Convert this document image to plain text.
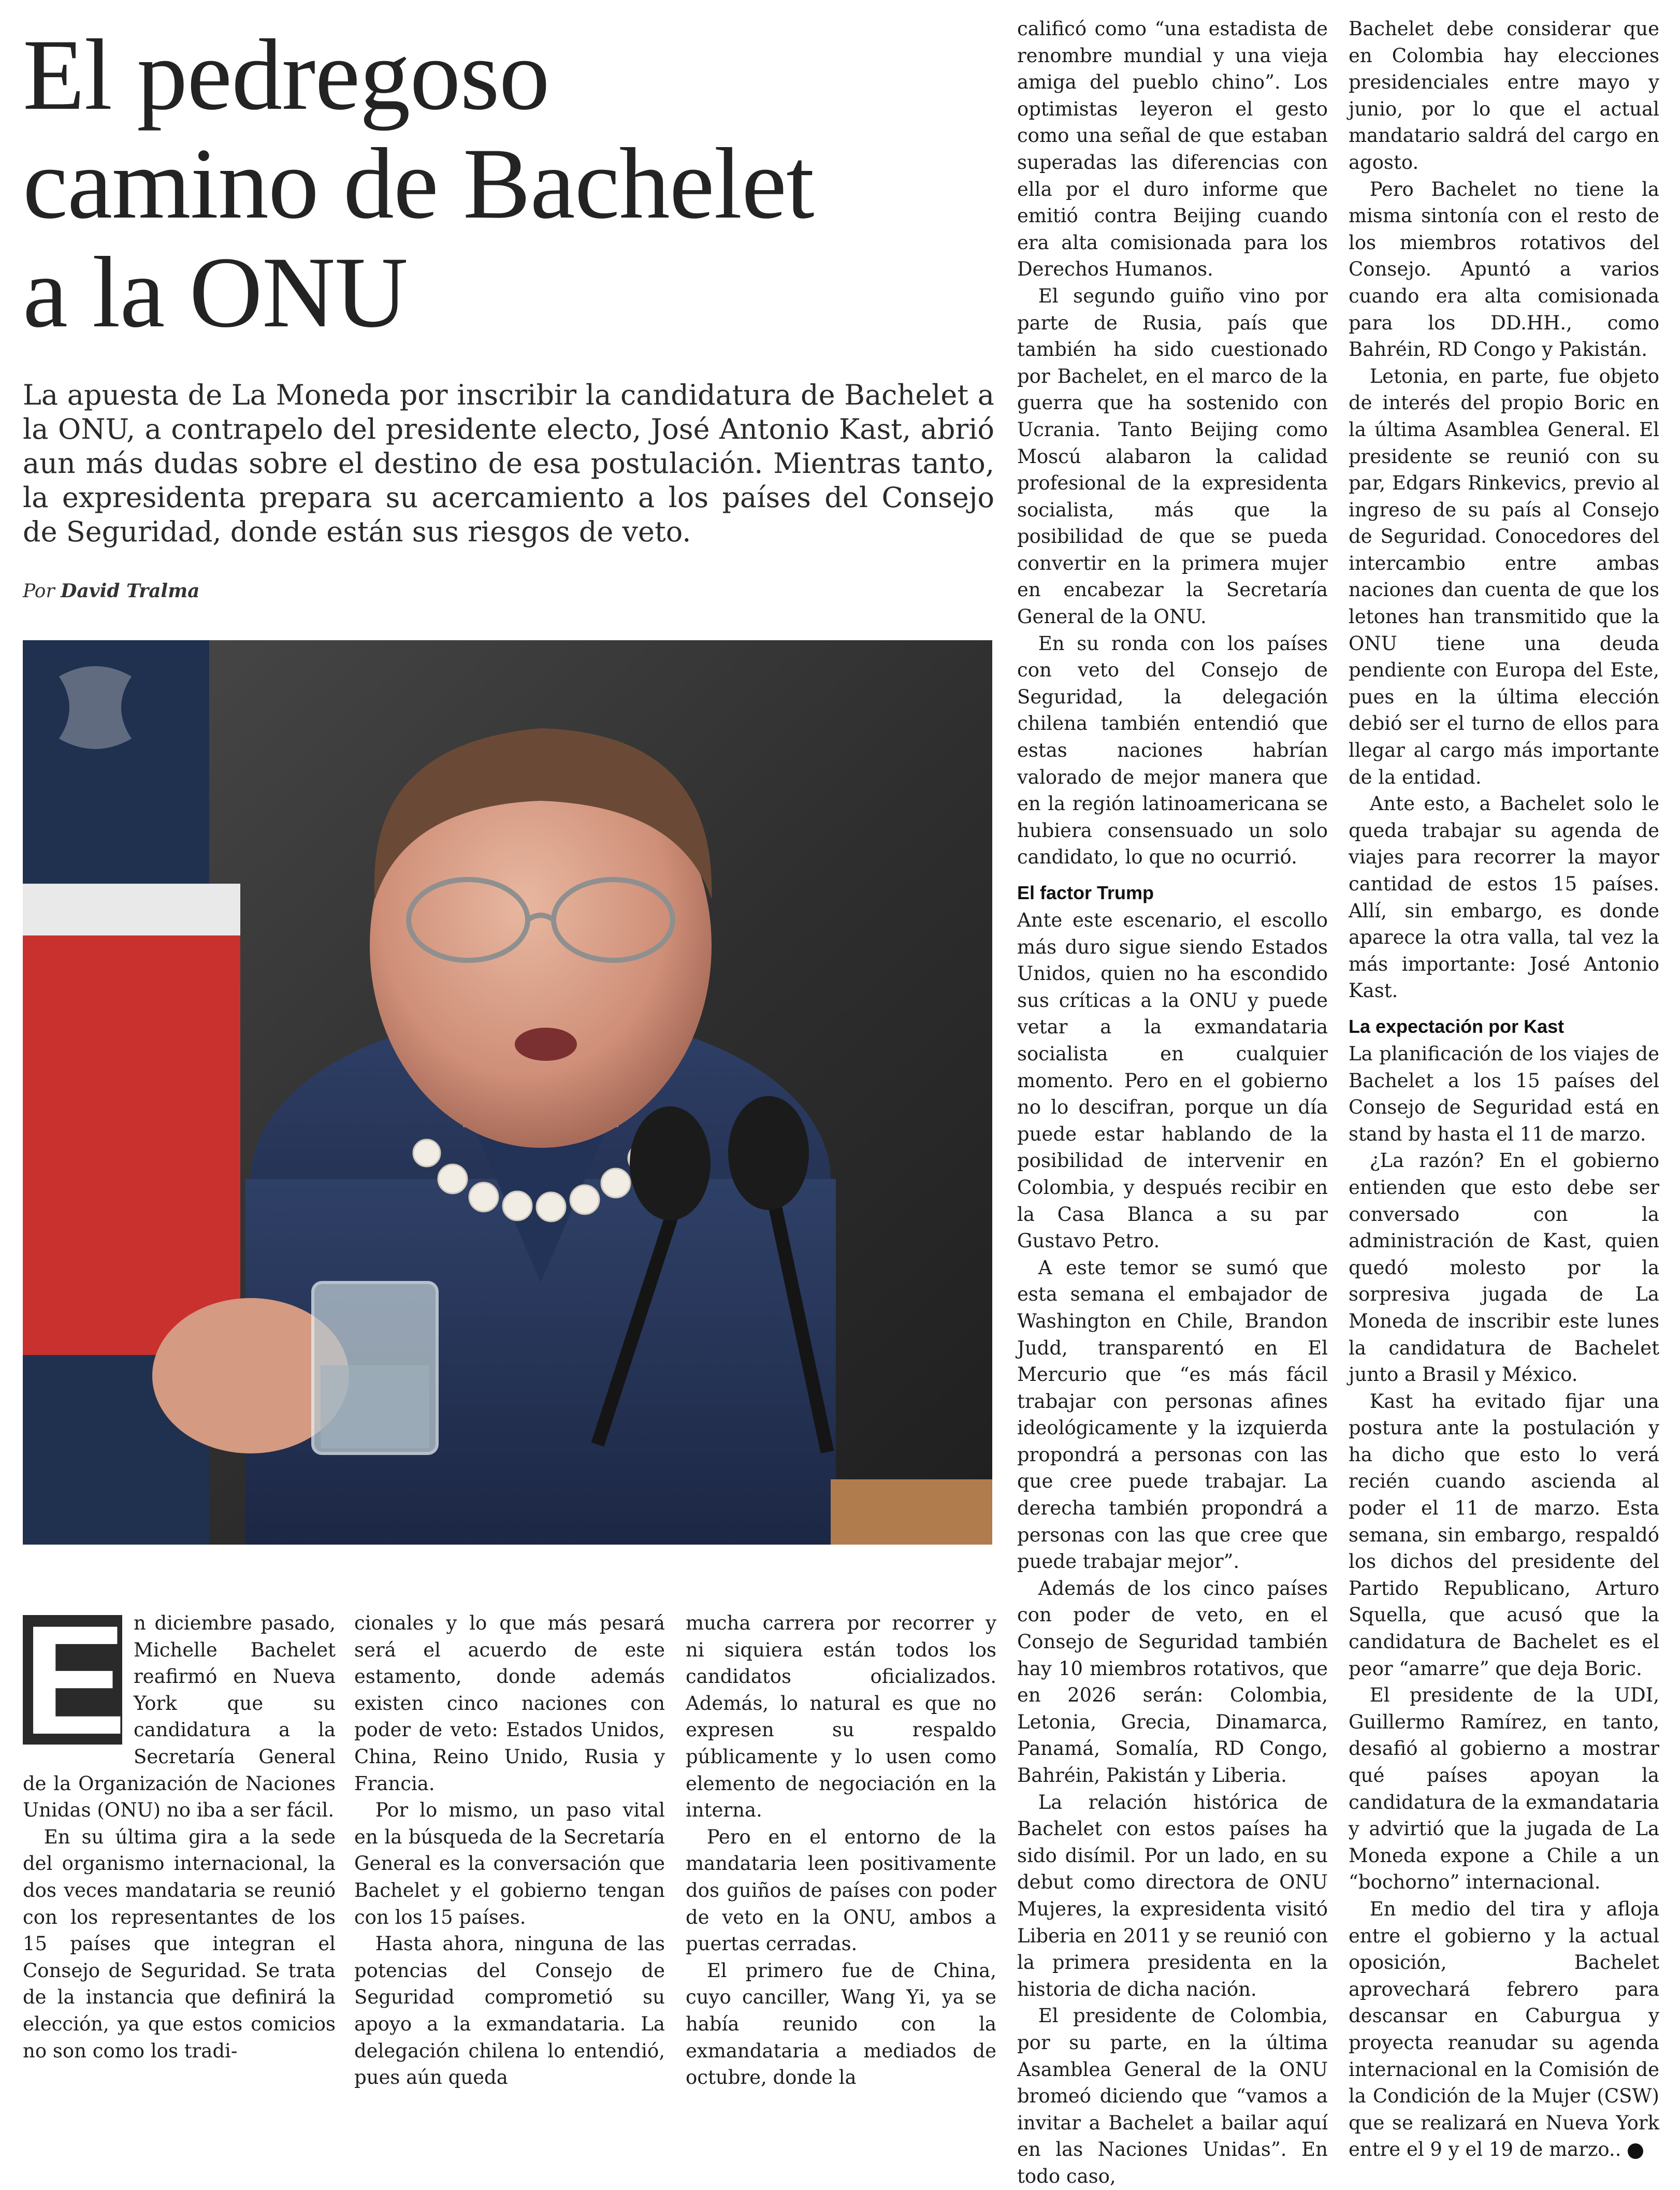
El pedregoso
camino de Bachelet
a la ONU

La apuesta de La Moneda por inscribir la candidatura de Bachelet a la ONU, a contrapelo del presidente electo, José Antonio Kast, abrió aun más dudas sobre el destino de esa postulación. Mientras tanto, la expresidenta prepara su acercamiento a los países del Consejo de Seguridad, donde están sus riesgos de veto.

Por David Tralma

E n diciembre pasado, Michelle Bachelet reafirmó en Nueva York que su candidatura a la Secretaría General de la Organización de Naciones Unidas (ONU) no iba a ser fácil.

En su última gira a la sede del organismo internacional, la dos veces mandataria se reunió con los representantes de los 15 países que integran el Consejo de Seguridad. Se trata de la instancia que definirá la elección, ya que estos comicios no son como los tradi-

cionales y lo que más pesará será el acuerdo de este estamento, donde además existen cinco naciones con poder de veto: Estados Unidos, China, Reino Unido, Rusia y Francia.

Por lo mismo, un paso vital en la búsqueda de la Secretaría General es la conversación que Bachelet y el gobierno tengan con los 15 países.

Hasta ahora, ninguna de las potencias del Consejo de Seguridad comprometió su apoyo a la exmandataria. La delegación chilena lo entendió, pues aún queda

mucha carrera por recorrer y ni siquiera están todos los candidatos oficializados. Además, lo natural es que no expresen su respaldo públicamente y lo usen como elemento de negociación en la interna.

Pero en el entorno de la mandataria leen positivamente dos guiños de países con poder de veto en la ONU, ambos a puertas cerradas.

El primero fue de China, cuyo canciller, Wang Yi, ya se había reunido con la exmandataria a mediados de octubre, donde la

calificó como “una estadista de renombre mundial y una vieja amiga del pueblo chino”. Los optimistas leyeron el gesto como una señal de que estaban superadas las diferencias con ella por el duro informe que emitió contra Beijing cuando era alta comisionada para los Derechos Humanos.

El segundo guiño vino por parte de Rusia, país que también ha sido cuestionado por Bachelet, en el marco de la guerra que ha sostenido con Ucrania. Tanto Beijing como Moscú alabaron la calidad profesional de la expresidenta socialista, más que la posibilidad de que se pueda convertir en la primera mujer en encabezar la Secretaría General de la ONU.

En su ronda con los países con veto del Consejo de Seguridad, la delegación chilena también entendió que estas naciones habrían valorado de mejor manera que en la región latinoamericana se hubiera consensuado un solo candidato, lo que no ocurrió.

El factor Trump

Ante este escenario, el escollo más duro sigue siendo Estados Unidos, quien no ha escondido sus críticas a la ONU y puede vetar a la exmandataria socialista en cualquier momento. Pero en el gobierno no lo descifran, porque un día puede estar hablando de la posibilidad de intervenir en Colombia, y después recibir en la Casa Blanca a su par Gustavo Petro.

A este temor se sumó que esta semana el embajador de Washington en Chile, Brandon Judd, transparentó en El Mercurio que “es más fácil trabajar con personas afines ideológicamente y la izquierda propondrá a personas con las que cree puede trabajar. La derecha también propondrá a personas con las que cree que puede trabajar mejor”.

Además de los cinco países con poder de veto, en el Consejo de Seguridad también hay 10 miembros rotativos, que en 2026 serán: Colombia, Letonia, Grecia, Dinamarca, Panamá, Somalía, RD Congo, Bahréin, Pakistán y Liberia.

La relación histórica de Bachelet con estos países ha sido disímil. Por un lado, en su debut como directora de ONU Mujeres, la expresidenta visitó Liberia en 2011 y se reunió con la primera presidenta en la historia de dicha nación.

El presidente de Colombia, por su parte, en la última Asamblea General de la ONU bromeó diciendo que “vamos a invitar a Bachelet a bailar aquí en las Naciones Unidas”. En todo caso,

Bachelet debe considerar que en Colombia hay elecciones presidenciales entre mayo y junio, por lo que el actual mandatario saldrá del cargo en agosto.

Pero Bachelet no tiene la misma sintonía con el resto de los miembros rotativos del Consejo. Apuntó a varios cuando era alta comisionada para los DD.HH., como Bahréin, RD Congo y Pakistán.

Letonia, en parte, fue objeto de interés del propio Boric en la última Asamblea General. El presidente se reunió con su par, Edgars Rinkevics, previo al ingreso de su país al Consejo de Seguridad. Conocedores del intercambio entre ambas naciones dan cuenta de que los letones han transmitido que la ONU tiene una deuda pendiente con Europa del Este, pues en la última elección debió ser el turno de ellos para llegar al cargo más importante de la entidad.

Ante esto, a Bachelet solo le queda trabajar su agenda de viajes para recorrer la mayor cantidad de estos 15 países. Allí, sin embargo, es donde aparece la otra valla, tal vez la más importante: José Antonio Kast.

La expectación por Kast

La planificación de los viajes de Bachelet a los 15 países del Consejo de Seguridad está en stand by hasta el 11 de marzo.

¿La razón? En el gobierno entienden que esto debe ser conversado con la administración de Kast, quien quedó molesto por la sorpresiva jugada de La Moneda de inscribir este lunes la candidatura de Bachelet junto a Brasil y México.

Kast ha evitado fijar una postura ante la postulación y ha dicho que esto lo verá recién cuando ascienda al poder el 11 de marzo. Esta semana, sin embargo, respaldó los dichos del presidente del Partido Republicano, Arturo Squella, que acusó que la candidatura de Bachelet es el peor “amarre” que deja Boric.

El presidente de la UDI, Guillermo Ramírez, en tanto, desafió al gobierno a mostrar qué países apoyan la candidatura de la exmandataria y advirtió que la jugada de La Moneda expone a Chile a un “bochorno” internacional.

En medio del tira y afloja entre el gobierno y la actual oposición, Bachelet aprovechará febrero para descansar en Caburgua y proyecta reanudar su agenda internacional en la Comisión de la Condición de la Mujer (CSW) que se realizará en Nueva York entre el 9 y el 19 de marzo..
